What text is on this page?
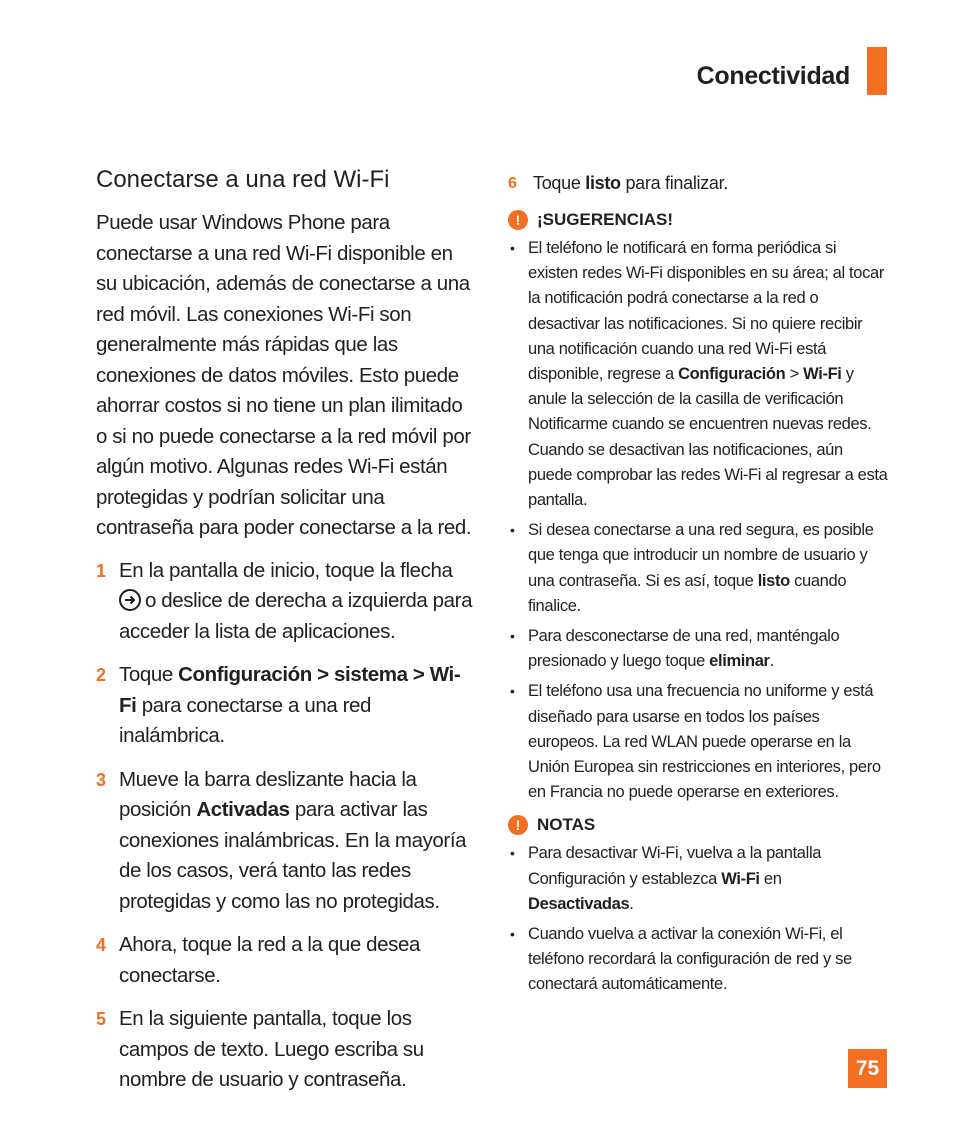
Conectividad
Conectarse a una red Wi-Fi

Puede usar Windows Phone para conectarse a una red Wi-Fi disponible en su ubicación, además de conectarse a una red móvil. Las conexiones Wi-Fi son generalmente más rápidas que las conexiones de datos móviles. Esto puede ahorrar costos si no tiene un plan ilimitado o si no puede conectarse a la red móvil por algún motivo. Algunas redes Wi-Fi están protegidas y podrían solicitar una contraseña para poder conectarse a la red.

1 En la pantalla de inicio, toque la flecha

o deslice de derecha a izquierda para acceder la lista de aplicaciones.
2 Toque Configuración > sistema > Wi-Fi para conectarse a una red inalámbrica.
3 Mueve la barra deslizante hacia la posición Activadas para activar las conexiones inalámbricas. En la mayoría de los casos, verá tanto las redes protegidas y como las no protegidas.
4 Ahora, toque la red a la que desea conectarse.
5 En la siguiente pantalla, toque los campos de texto. Luego escriba su nombre de usuario y contraseña.
6 Toque listo para finalizar.
! ¡SUGERENCIAS!
• El teléfono le notificará en forma periódica si existen redes Wi-Fi disponibles en su área; al tocar la notificación podrá conectarse a la red o desactivar las notificaciones. Si no quiere recibir una notificación cuando una red Wi-Fi está disponible, regrese a Configuración > Wi-Fi y anule la selección de la casilla de verificación Notificarme cuando se encuentren nuevas redes. Cuando se desactivan las notificaciones, aún puede comprobar las redes Wi-Fi al regresar a esta pantalla.
• Si desea conectarse a una red segura, es posible que tenga que introducir un nombre de usuario y una contraseña. Si es así, toque listo cuando finalice.
• Para desconectarse de una red, manténgalo presionado y luego toque eliminar.
• El teléfono usa una frecuencia no uniforme y está diseñado para usarse en todos los países europeos. La red WLAN puede operarse en la Unión Europea sin restricciones en interiores, pero en Francia no puede operarse en exteriores.
! NOTAS
• Para desactivar Wi-Fi, vuelva a la pantalla Configuración y establezca Wi-Fi en Desactivadas.
• Cuando vuelva a activar la conexión Wi-Fi, el teléfono recordará la configuración de red y se conectará automáticamente.
75
